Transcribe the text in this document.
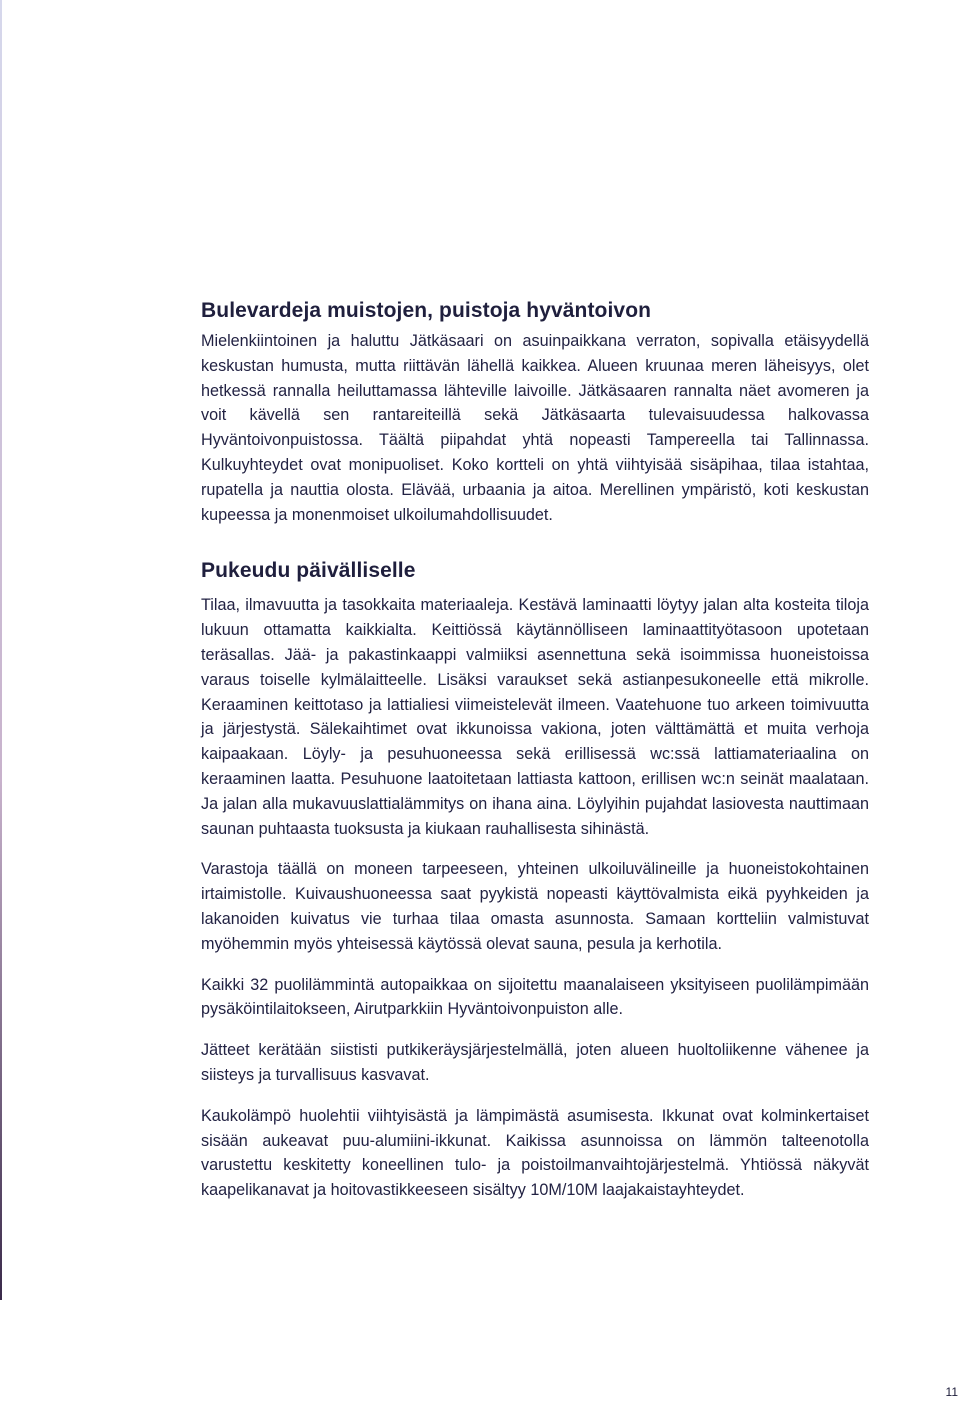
Bulevardeja muistojen, puistoja hyväntoivon

Mielenkiintoinen ja haluttu Jätkäsaari on asuinpaikkana verraton, sopivalla etäisyydellä keskustan humusta, mutta riittävän lähellä kaikkea. Alueen kruunaa meren läheisyys, olet hetkessä rannalla heiluttamassa lähteville laivoille. Jätkäsaaren rannalta näet avomeren ja voit kävellä sen rantareiteillä sekä Jätkäsaarta tulevaisuudessa halkovassa Hyväntoivonpuistossa. Täältä piipahdat yhtä nopeasti Tampereella tai Tallinnassa. Kulkuyhteydet ovat monipuoliset. Koko kortteli on yhtä viihtyisää sisäpihaa, tilaa istahtaa, rupatella ja nauttia olosta. Elävää, urbaania ja aitoa. Merellinen ympäristö, koti keskustan kupeessa ja monenmoiset ulkoilumahdollisuudet.

Pukeudu päivälliselle

Tilaa, ilmavuutta ja tasokkaita materiaaleja. Kestävä laminaatti löytyy jalan alta kosteita tiloja lukuun ottamatta kaikkialta. Keittiössä käytännölliseen laminaattityötasoon upotetaan teräsallas. Jää- ja pakastinkaappi valmiiksi asennettuna sekä isoimmissa huoneistoissa varaus toiselle kylmälaitteelle. Lisäksi varaukset sekä astianpesukoneelle että mikrolle. Keraaminen keittotaso ja lattialiesi viimeistelevät ilmeen. Vaatehuone tuo arkeen toimivuutta ja järjestystä. Sälekaihtimet ovat ikkunoissa vakiona, joten välttämättä et muita verhoja kaipaakaan. Löyly- ja pesuhuoneessa sekä erillisessä wc:ssä lattiamateriaalina on keraaminen laatta. Pesuhuone laatoitetaan lattiasta kattoon, erillisen wc:n seinät maalataan. Ja jalan alla mukavuuslattialämmitys on ihana aina. Löylyihin pujahdat lasiovesta nauttimaan saunan puhtaasta tuoksusta ja kiukaan rauhallisesta sihinästä.

Varastoja täällä on moneen tarpeeseen, yhteinen ulkoiluvälineille ja huoneistokohtainen irtaimistolle. Kuivaushuoneessa saat pyykistä nopeasti käyttövalmista eikä pyyhkeiden ja lakanoiden kuivatus vie turhaa tilaa omasta asunnosta. Samaan kortteliin valmistuvat myöhemmin myös yhteisessä käytössä olevat sauna, pesula ja kerhotila.

Kaikki 32 puolilämmintä autopaikkaa on sijoitettu maanalaiseen yksityiseen puolilämpimään pysäköintilaitokseen, Airutparkkiin Hyväntoivonpuiston alle.

Jätteet kerätään siististi putkikeräysjärjestelmällä, joten alueen huoltoliikenne vähenee ja siisteys ja turvallisuus kasvavat.

Kaukolämpö huolehtii viihtyisästä ja lämpimästä asumisesta. Ikkunat ovat kolminkertaiset sisään aukeavat puu-alumiini-ikkunat. Kaikissa asunnoissa on lämmön talteenotolla varustettu keskitetty koneellinen tulo- ja poistoilmanvaihtojärjestelmä. Yhtiössä näkyvät kaapelikanavat ja hoitovastikkeeseen sisältyy 10M/10M laajakaistayhteydet.

11
